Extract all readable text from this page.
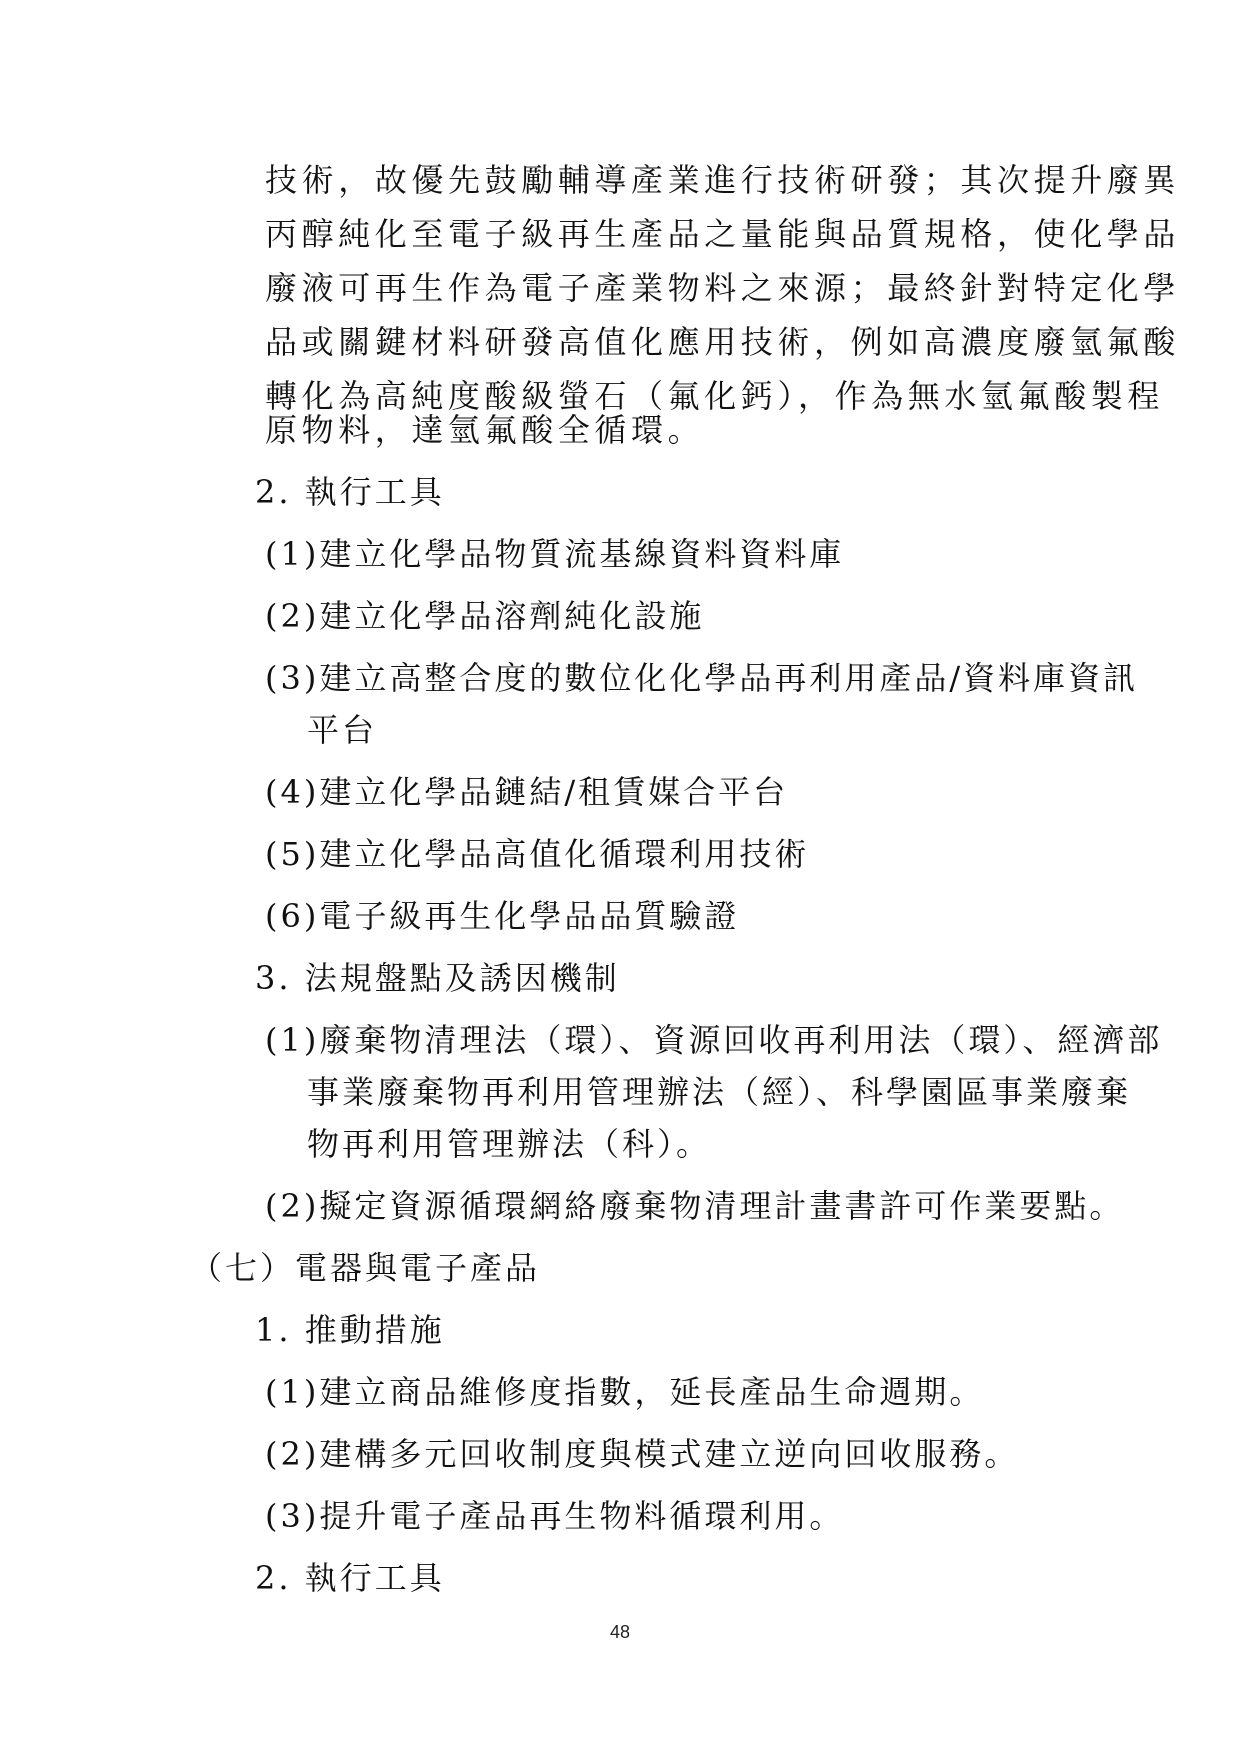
技術，故優先鼓勵輔導產業進行技術研發；其次提升廢異
丙醇純化至電子級再生產品之量能與品質規格，使化學品
廢液可再生作為電子產業物料之來源；最終針對特定化學
品或關鍵材料研發高值化應用技術，例如高濃度廢氫氟酸
轉化為高純度酸級螢石（氟化鈣），作為無水氫氟酸製程
原物料，達氫氟酸全循環。
2. 執行工具
(1)建立化學品物質流基線資料資料庫
(2)建立化學品溶劑純化設施
(3)建立高整合度的數位化化學品再利用產品/資料庫資訊
平台
(4)建立化學品鏈結/租賃媒合平台
(5)建立化學品高值化循環利用技術
(6)電子級再生化學品品質驗證
3. 法規盤點及誘因機制
(1)廢棄物清理法（環）、資源回收再利用法（環）、經濟部
事業廢棄物再利用管理辦法（經）、科學園區事業廢棄
物再利用管理辦法（科）。
(2)擬定資源循環網絡廢棄物清理計畫書許可作業要點。
（七）電器與電子產品
1. 推動措施
(1)建立商品維修度指數，延長產品生命週期。
(2)建構多元回收制度與模式建立逆向回收服務。
(3)提升電子產品再生物料循環利用。
2. 執行工具
48
